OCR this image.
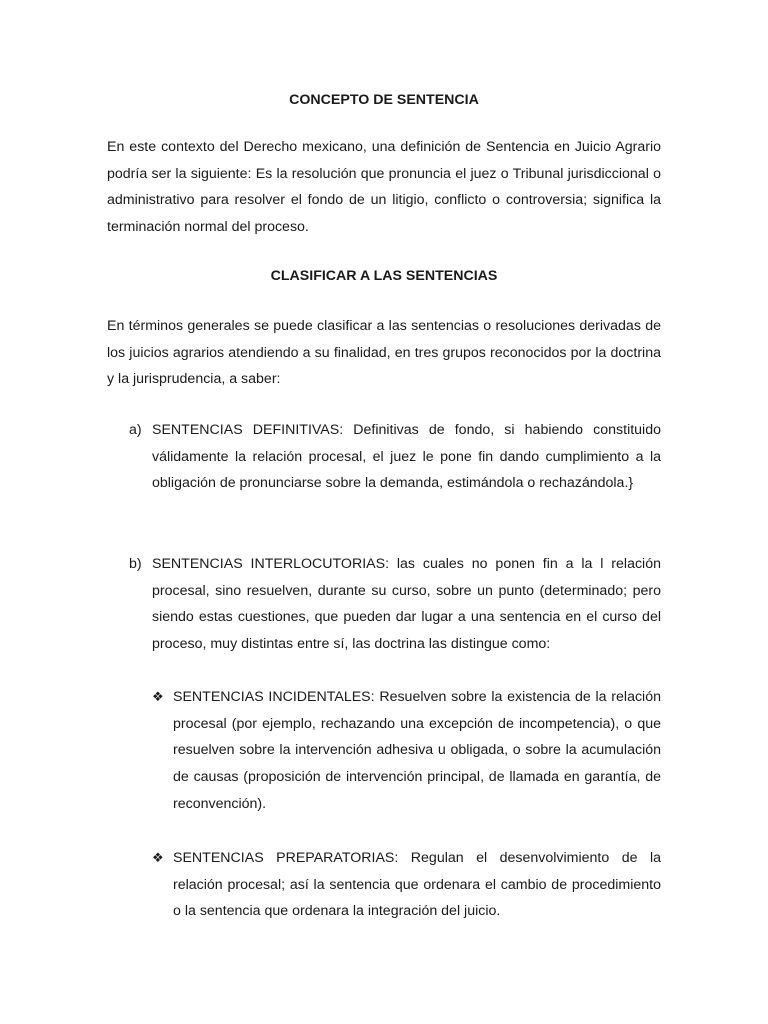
CONCEPTO DE SENTENCIA

En este contexto del Derecho mexicano, una definición de Sentencia en Juicio Agrario podría ser la siguiente: Es la resolución que pronuncia el juez o Tribunal jurisdiccional o administrativo para resolver el fondo de un litigio, conflicto o controversia; significa la terminación normal del proceso.

CLASIFICAR A LAS SENTENCIAS

En términos generales se puede clasificar a las sentencias o resoluciones derivadas de los juicios agrarios atendiendo a su finalidad, en tres grupos reconocidos por la doctrina y la jurisprudencia, a saber:

a) SENTENCIAS DEFINITIVAS: Definitivas de fondo, si habiendo constituido válidamente la relación procesal, el juez le pone fin dando cumplimiento a la obligación de pronunciarse sobre la demanda, estimándola o rechazándola.}
b) SENTENCIAS INTERLOCUTORIAS: las cuales no ponen fin a la l relación procesal, sino resuelven, durante su curso, sobre un punto (determinado; pero siendo estas cuestiones, que pueden dar lugar a una sentencia en el curso del proceso, muy distintas entre sí, las doctrina las distingue como:
❖ SENTENCIAS INCIDENTALES: Resuelven sobre la existencia de la relación procesal (por ejemplo, rechazando una excepción de incompetencia), o que resuelven sobre la intervención adhesiva u obligada, o sobre la acumulación de causas (proposición de intervención principal, de llamada en garantía, de reconvención).
❖ SENTENCIAS PREPARATORIAS: Regulan el desenvolvimiento de la relación procesal; así la sentencia que ordenara el cambio de procedimiento o la sentencia que ordenara la integración del juicio.
